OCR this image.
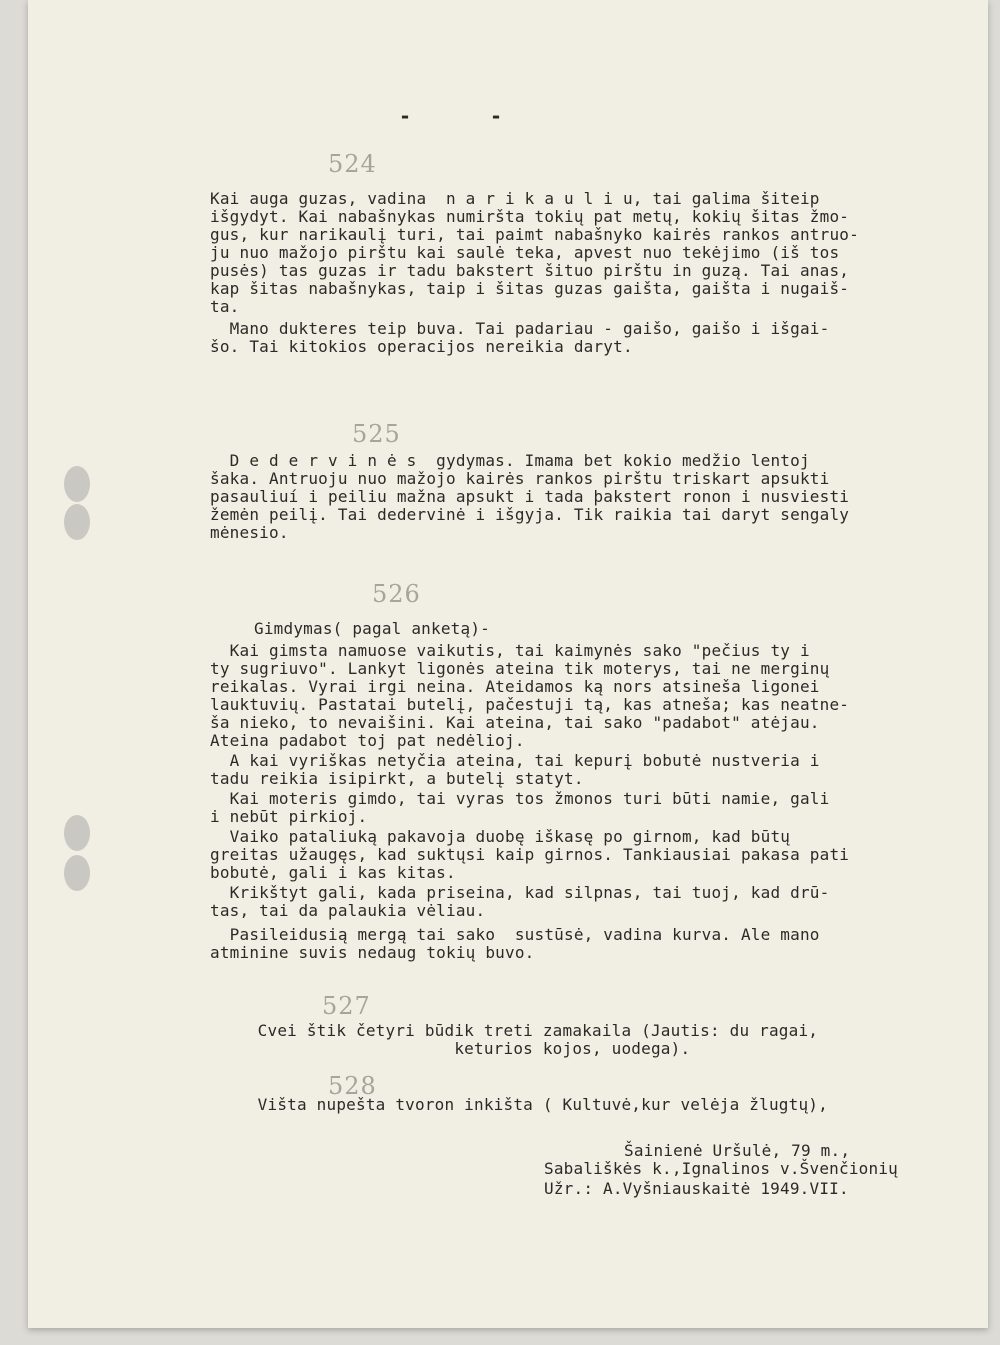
-	-
524
Kai auga guzas, vadina  n a r i k a u l i u, tai galima šiteip
išgydyt. Kai nabašnykas numiršta tokių pat metų, kokių šitas žmo-
gus, kur narikaulį turi, tai paimt nabašnyko kairės rankos antruo-
ju nuo mažojo pirštu kai saulė teka, apvest nuo tekėjimo (iš tos
pusės) tas guzas ir tadu bakstert šituo pirštu in guzą. Tai anas,
kap šitas nabašnykas, taip i šitas guzas gaišta, gaišta i nugaiš-
ta.
Mano dukteres teip buva. Tai padariau - gaišo, gaišo i išgai-
šo. Tai kitokios operacijos nereikia daryt.
525
D e d e r v i n ė s  gydymas. Imama bet kokio medžio lentoj
šaka. Antruoju nuo mažojo kairės rankos pirštu triskart apsukti
pasauliuí i peiliu mažna apsukt i tada þakstert ronon i nusviesti
žemėn peilį. Tai dedervinė i išgyja. Tik raikia tai daryt sengaly
mėnesio.
526
Gimdymas( pagal anketą)-
Kai gimsta namuose vaikutis, tai kaimynės sako "pečius ty i
ty sugriuvo". Lankyt ligonės ateina tik moterys, tai ne merginų
reikalas. Vyrai irgi neina. Ateidamos ką nors atsinešа ligonei
lauktuvių. Pastatai butelį, pačestuji tą, kas atneša; kas neatne-
ša nieko, to nevaišini. Kai ateina, tai sako "padabot" atėjau.
Ateina padabot toj pat nedėlioj.
A kai vyriškas netyčia ateina, tai kepurį bobutė nustveria i
tadu reikia isipirkt, a butelį statyt.
Kai moteris gimdo, tai vyras tos žmonos turi būti namie, gali
i nebūt pirkioj.
Vaiko pataliuką pakavoja duobę iškasę po girnom, kad būtų
greitas užaugęs, kad suktųsi kaip girnos. Tankiausiai pakasa pati
bobutė, gali i kas kitas.
Krikštyt gali, kada priseina, kad silpnas, tai tuoj, kad drū-
tas, tai da palaukia vėliau.
Pasileidusią mergą tai sako  sustūsė, vadina kurva. Ale mano
atminine suvis nedaug tokių buvo.
527
Cvei štik četyri būdik treti zamakaila (Jautis: du ragai,
keturios kojos, uodega).
528
Višta nupešta tvoron inkišta ( Kultuvė,kur velėja žlugtų),
Šainienė Uršulė, 79 m.,
Sabališkės k.,Ignalinos v.Švenčionių
Užr.: A.Vyšniauskaitė 1949.VII.
